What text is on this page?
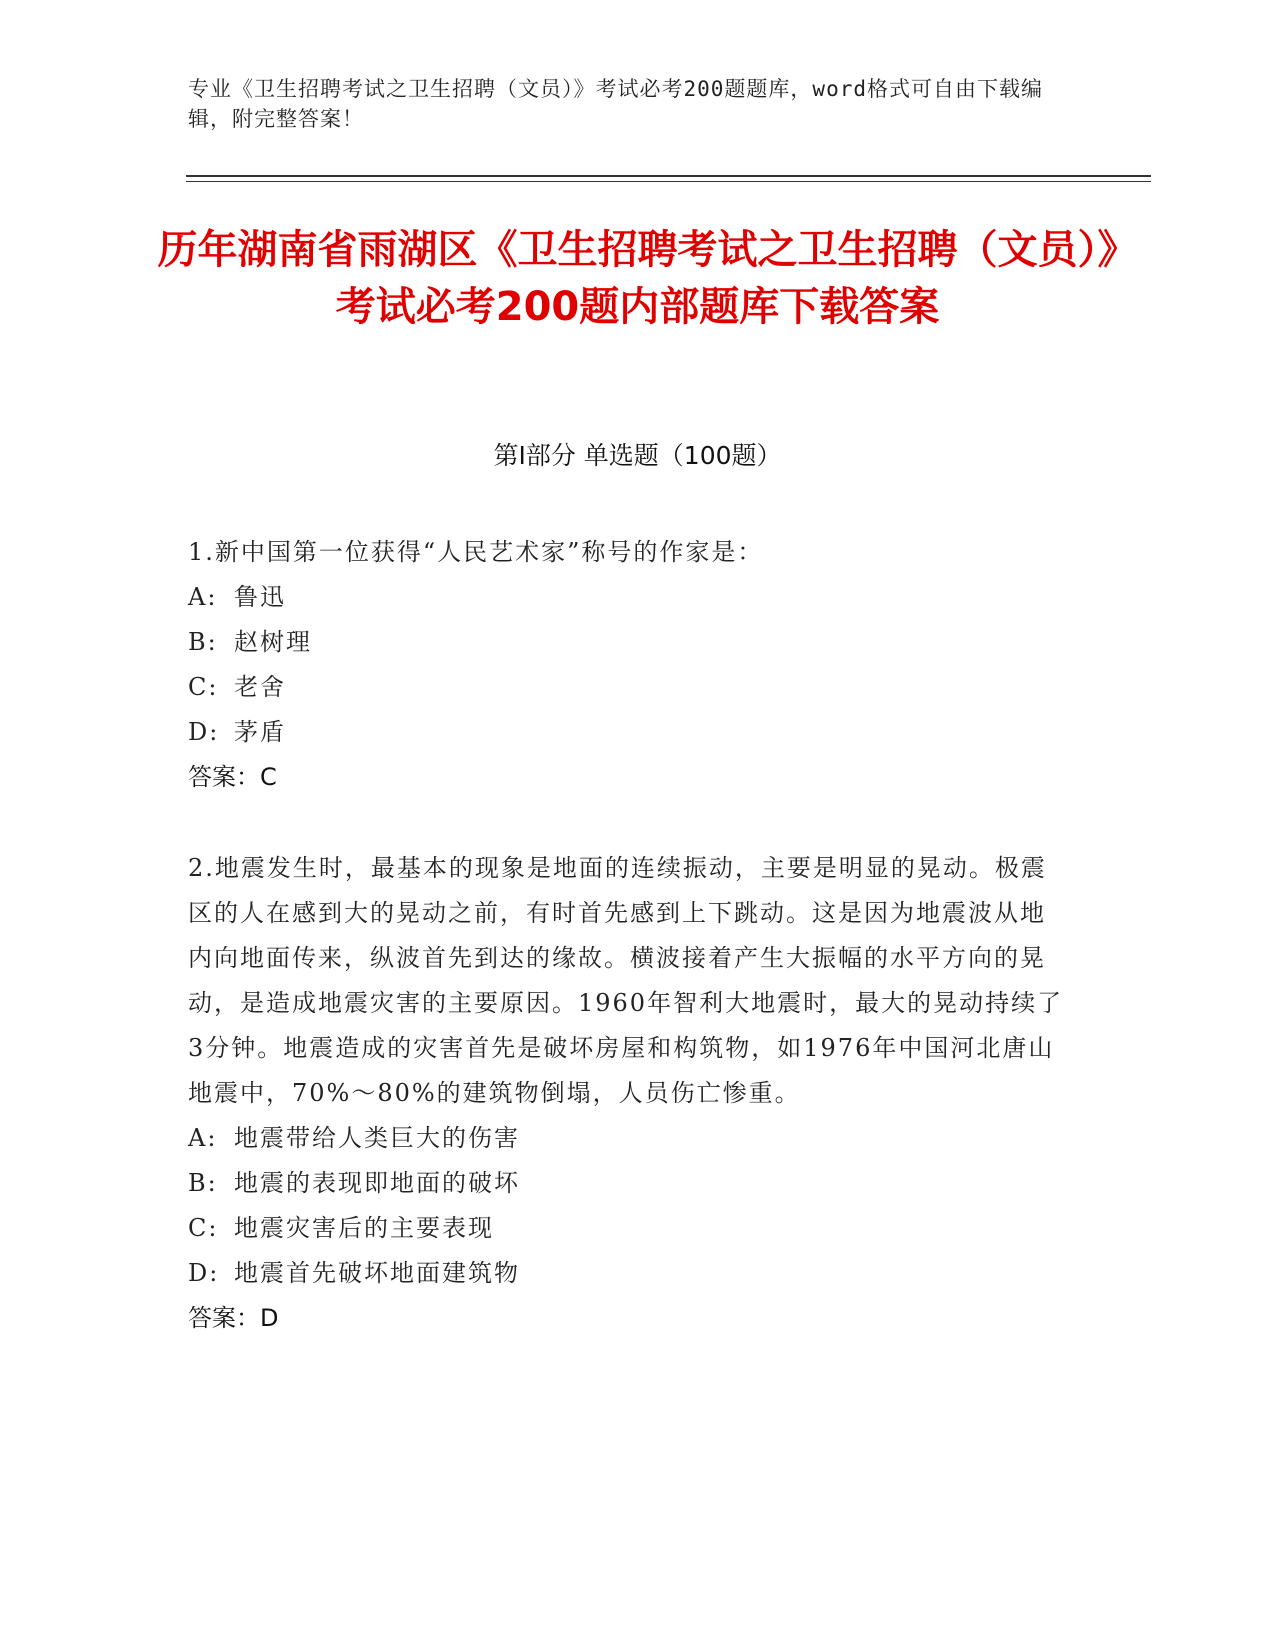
专业《卫生招聘考试之卫生招聘（文员）》考试必考200题题库，word格式可自由下载编辑，附完整答案！
历年湖南省雨湖区《卫生招聘考试之卫生招聘（文员）》考试必考200题内部题库下载答案
第Ⅰ部分 单选题（100题）
1.新中国第一位获得“人民艺术家”称号的作家是：
A: 鲁迅
B: 赵树理
C: 老舍
D: 茅盾
答案：C
2.地震发生时，最基本的现象是地面的连续振动，主要是明显的晃动。极震区的人在感到大的晃动之前，有时首先感到上下跳动。这是因为地震波从地内向地面传来，纵波首先到达的缘故。横波接着产生大振幅的水平方向的晃动，是造成地震灾害的主要原因。1960年智利大地震时，最大的晃动持续了3分钟。地震造成的灾害首先是破坏房屋和构筑物，如1976年中国河北唐山地震中，70%～80%的建筑物倒塌，人员伤亡惨重。
A: 地震带给人类巨大的伤害
B: 地震的表现即地面的破坏
C: 地震灾害后的主要表现
D: 地震首先破坏地面建筑物
答案：D
